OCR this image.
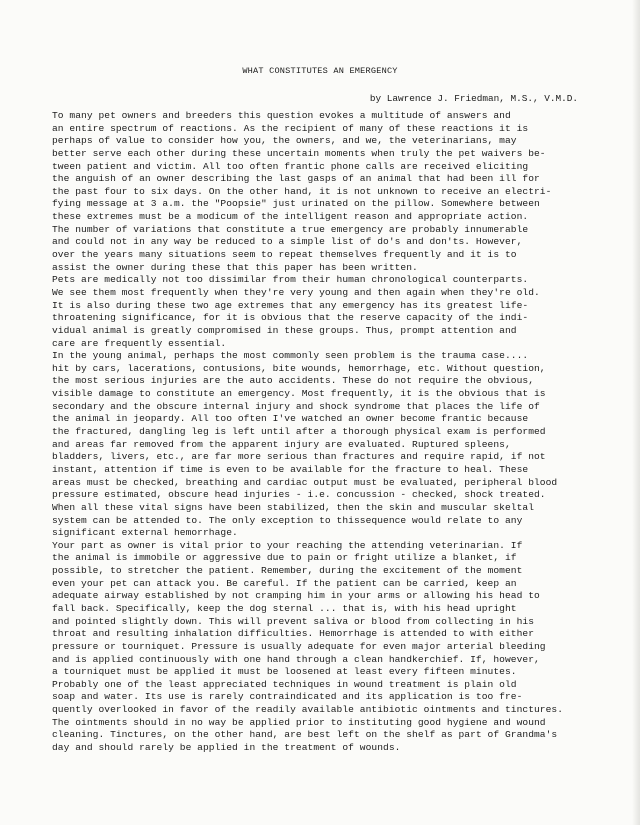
WHAT CONSTITUTES AN EMERGENCY
by Lawrence J. Friedman, M.S., V.M.D.
To many pet owners and breeders this question evokes a multitude of answers and
an entire spectrum of reactions. As the recipient of many of these reactions it is
perhaps of value to consider how you, the owners, and we, the veterinarians, may
better serve each other during these uncertain moments when truly the pet waivers be-
tween patient and victim. All too often frantic phone calls are received eliciting
the anguish of an owner describing the last gasps of an animal that had been ill for
the past four to six days. On the other hand, it is not unknown to receive an electri-
fying message at 3 a.m. the "Poopsie" just urinated on the pillow. Somewhere between
these extremes must be a modicum of the intelligent reason and appropriate action.
The number of variations that constitute a true emergency are probably innumerable
and could not in any way be reduced to a simple list of do's and don'ts. However,
over the years many situations seem to repeat themselves frequently and it is to
assist the owner during these that this paper has been written.
Pets are medically not too dissimilar from their human chronological counterparts.
We see them most frequently when they're very young and then again when they're old.
It is also during these two age extremes that any emergency has its greatest life-
throatening significance, for it is obvious that the reserve capacity of the indi-
vidual animal is greatly compromised in these groups. Thus, prompt attention and
care are frequently essential.
In the young animal, perhaps the most commonly seen problem is the trauma case....
hit by cars, lacerations, contusions, bite wounds, hemorrhage, etc. Without question,
the most serious injuries are the auto accidents. These do not require the obvious,
visible damage to constitute an emergency. Most frequently, it is the obvious that is
secondary and the obscure internal injury and shock syndrome that places the life of
the animal in jeopardy. All too often I've watched an owner become frantic because
the fractured, dangling leg is left until after a thorough physical exam is performed
and areas far removed from the apparent injury are evaluated. Ruptured spleens,
bladders, livers, etc., are far more serious than fractures and require rapid, if not
instant, attention if time is even to be available for the fracture to heal. These
areas must be checked, breathing and cardiac output must be evaluated, peripheral blood
pressure estimated, obscure head injuries - i.e. concussion - checked, shock treated.
When all these vital signs have been stabilized, then the skin and muscular skeltal
system can be attended to. The only exception to thissequence would relate to any
significant external hemorrhage.
Your part as owner is vital prior to your reaching the attending veterinarian. If
the animal is immobile or aggressive due to pain or fright utilize a blanket, if
possible, to stretcher the patient. Remember, during the excitement of the moment
even your pet can attack you. Be careful. If the patient can be carried, keep an
adequate airway established by not cramping him in your arms or allowing his head to
fall back. Specifically, keep the dog sternal ... that is, with his head upright
and pointed slightly down. This will prevent saliva or blood from collecting in his
throat and resulting inhalation difficulties. Hemorrhage is attended to with either
pressure or tourniquet. Pressure is usually adequate for even major arterial bleeding
and is applied continuously with one hand through a clean handkerchief. If, however,
a tourniquet must be applied it must be loosened at least every fifteen minutes.
Probably one of the least appreciated techniques in wound treatment is plain old
soap and water. Its use is rarely contraindicated and its application is too fre-
quently overlooked in favor of the readily available antibiotic ointments and tinctures.
The ointments should in no way be applied prior to instituting good hygiene and wound
cleaning. Tinctures, on the other hand, are best left on the shelf as part of Grandma's
day and should rarely be applied in the treatment of wounds.
